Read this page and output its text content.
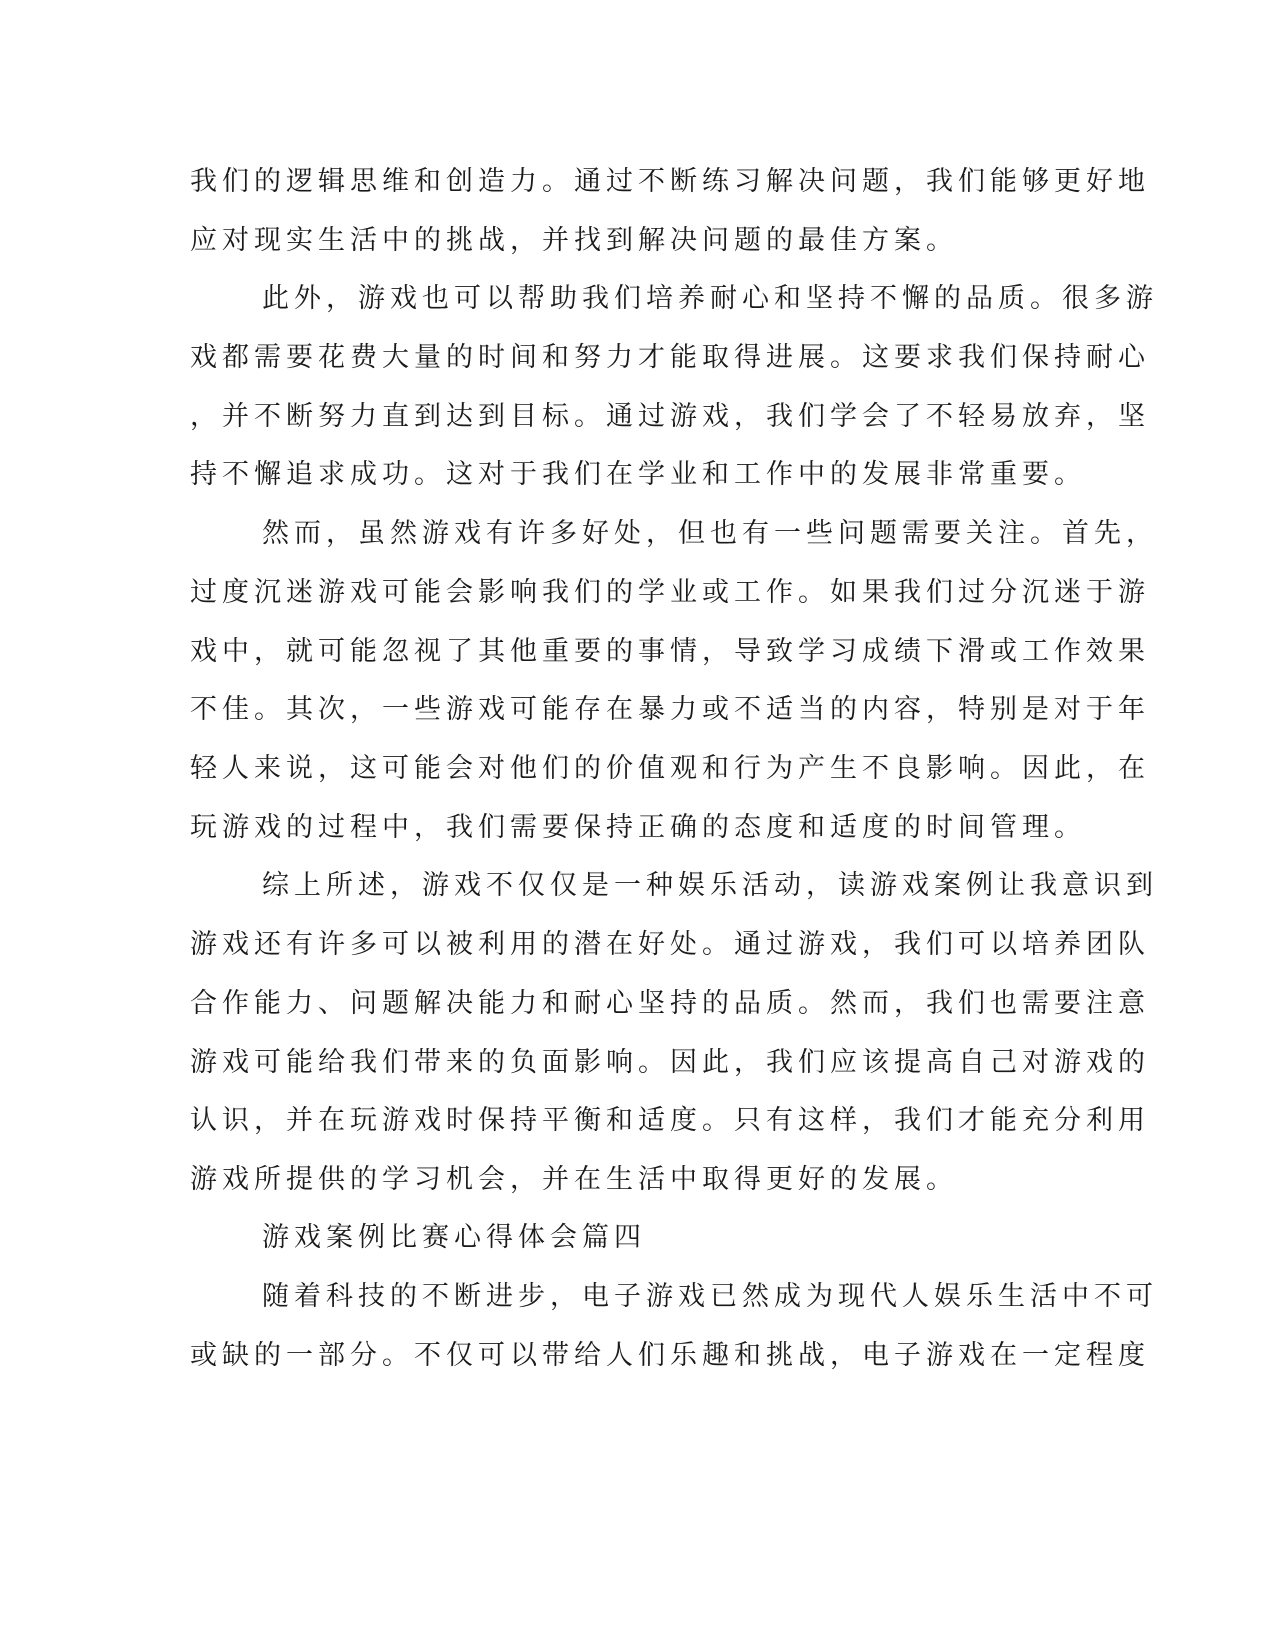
我们的逻辑思维和创造力。通过不断练习解决问题，我们能够更好地
应对现实生活中的挑战，并找到解决问题的最佳方案。
此外，游戏也可以帮助我们培养耐心和坚持不懈的品质。很多游
戏都需要花费大量的时间和努力才能取得进展。这要求我们保持耐心
，并不断努力直到达到目标。通过游戏，我们学会了不轻易放弃，坚
持不懈追求成功。这对于我们在学业和工作中的发展非常重要。
然而，虽然游戏有许多好处，但也有一些问题需要关注。首先，
过度沉迷游戏可能会影响我们的学业或工作。如果我们过分沉迷于游
戏中，就可能忽视了其他重要的事情，导致学习成绩下滑或工作效果
不佳。其次，一些游戏可能存在暴力或不适当的内容，特别是对于年
轻人来说，这可能会对他们的价值观和行为产生不良影响。因此，在
玩游戏的过程中，我们需要保持正确的态度和适度的时间管理。
综上所述，游戏不仅仅是一种娱乐活动，读游戏案例让我意识到
游戏还有许多可以被利用的潜在好处。通过游戏，我们可以培养团队
合作能力、问题解决能力和耐心坚持的品质。然而，我们也需要注意
游戏可能给我们带来的负面影响。因此，我们应该提高自己对游戏的
认识，并在玩游戏时保持平衡和适度。只有这样，我们才能充分利用
游戏所提供的学习机会，并在生活中取得更好的发展。
游戏案例比赛心得体会篇四
随着科技的不断进步，电子游戏已然成为现代人娱乐生活中不可
或缺的一部分。不仅可以带给人们乐趣和挑战，电子游戏在一定程度
